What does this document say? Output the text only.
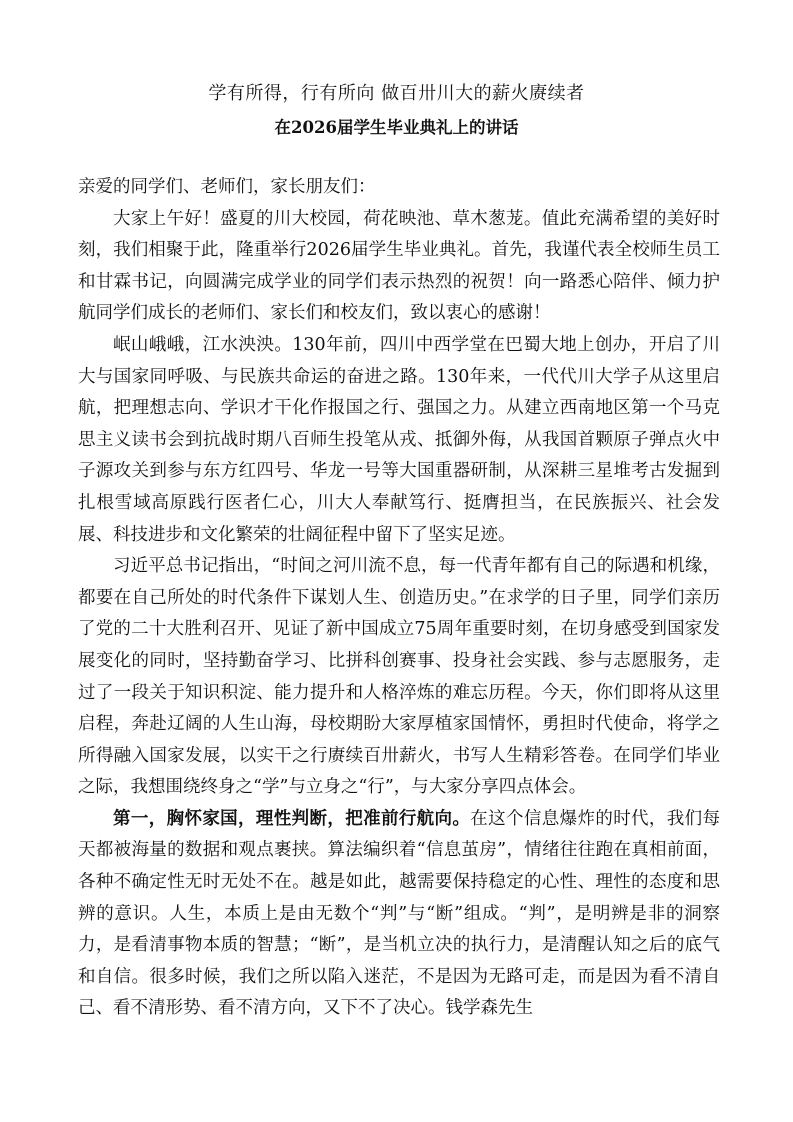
学有所得，行有所向 做百卅川大的薪火赓续者
在2026届学生毕业典礼上的讲话

亲爱的同学们、老师们，家长朋友们：

大家上午好！盛夏的川大校园，荷花映池、草木葱茏。值此充满希望的美好时刻，我们相聚于此，隆重举行2026届学生毕业典礼。首先，我谨代表全校师生员工和甘霖书记，向圆满完成学业的同学们表示热烈的祝贺！向一路悉心陪伴、倾力护航同学们成长的老师们、家长们和校友们，致以衷心的感谢！

岷山峨峨，江水泱泱。130年前，四川中西学堂在巴蜀大地上创办，开启了川大与国家同呼吸、与民族共命运的奋进之路。130年来，一代代川大学子从这里启航，把理想志向、学识才干化作报国之行、强国之力。从建立西南地区第一个马克思主义读书会到抗战时期八百师生投笔从戎、抵御外侮，从我国首颗原子弹点火中子源攻关到参与东方红四号、华龙一号等大国重器研制，从深耕三星堆考古发掘到扎根雪域高原践行医者仁心，川大人奉献笃行、挺膺担当，在民族振兴、社会发展、科技进步和文化繁荣的壮阔征程中留下了坚实足迹。

习近平总书记指出，“时间之河川流不息，每一代青年都有自己的际遇和机缘，都要在自己所处的时代条件下谋划人生、创造历史。”在求学的日子里，同学们亲历了党的二十大胜利召开、见证了新中国成立75周年重要时刻，在切身感受到国家发展变化的同时，坚持勤奋学习、比拼科创赛事、投身社会实践、参与志愿服务，走过了一段关于知识积淀、能力提升和人格淬炼的难忘历程。今天，你们即将从这里启程，奔赴辽阔的人生山海，母校期盼大家厚植家国情怀，勇担时代使命，将学之所得融入国家发展，以实干之行赓续百卅薪火，书写人生精彩答卷。在同学们毕业之际，我想围绕终身之“学”与立身之“行”，与大家分享四点体会。

第一，胸怀家国，理性判断，把准前行航向。在这个信息爆炸的时代，我们每天都被海量的数据和观点裹挟。算法编织着“信息茧房”，情绪往往跑在真相前面，各种不确定性无时无处不在。越是如此，越需要保持稳定的心性、理性的态度和思辨的意识。人生，本质上是由无数个“判”与“断”组成。“判”，是明辨是非的洞察力，是看清事物本质的智慧；“断”，是当机立决的执行力，是清醒认知之后的底气和自信。很多时候，我们之所以陷入迷茫，不是因为无路可走，而是因为看不清自己、看不清形势、看不清方向，又下不了决心。钱学森先生
